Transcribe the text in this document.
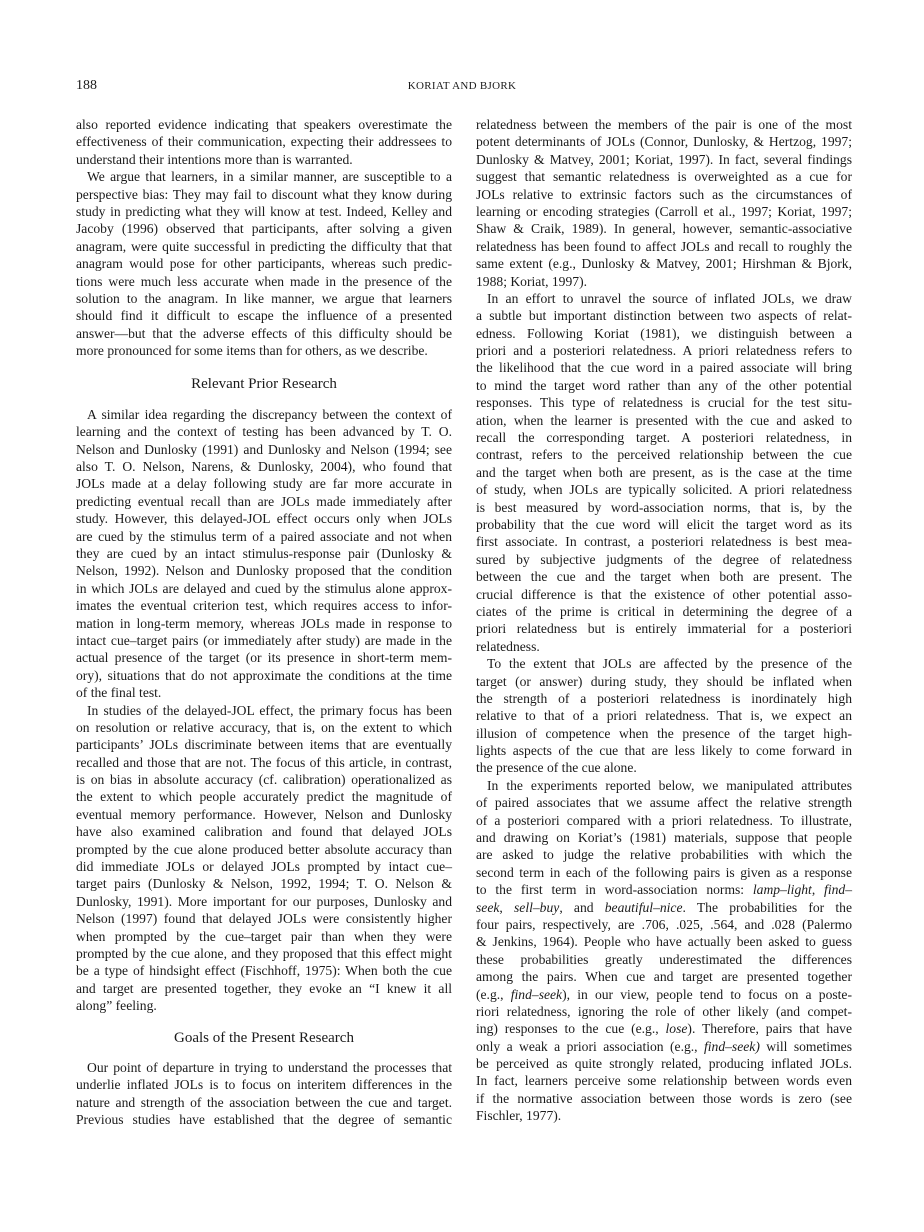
188	KORIAT AND BJORK
also reported evidence indicating that speakers overestimate the
effectiveness of their communication, expecting their addressees to
understand their intentions more than is warranted.
We argue that learners, in a similar manner, are susceptible to a
perspective bias: They may fail to discount what they know during
study in predicting what they will know at test. Indeed, Kelley and
Jacoby (1996) observed that participants, after solving a given
anagram, were quite successful in predicting the difficulty that that
anagram would pose for other participants, whereas such predic-
tions were much less accurate when made in the presence of the
solution to the anagram. In like manner, we argue that learners
should find it difficult to escape the influence of a presented
answer—but that the adverse effects of this difficulty should be
more pronounced for some items than for others, as we describe.
Relevant Prior Research
A similar idea regarding the discrepancy between the context of
learning and the context of testing has been advanced by T. O.
Nelson and Dunlosky (1991) and Dunlosky and Nelson (1994; see
also T. O. Nelson, Narens, & Dunlosky, 2004), who found that
JOLs made at a delay following study are far more accurate in
predicting eventual recall than are JOLs made immediately after
study. However, this delayed-JOL effect occurs only when JOLs
are cued by the stimulus term of a paired associate and not when
they are cued by an intact stimulus-response pair (Dunlosky &
Nelson, 1992). Nelson and Dunlosky proposed that the condition
in which JOLs are delayed and cued by the stimulus alone approx-
imates the eventual criterion test, which requires access to infor-
mation in long-term memory, whereas JOLs made in response to
intact cue–target pairs (or immediately after study) are made in the
actual presence of the target (or its presence in short-term mem-
ory), situations that do not approximate the conditions at the time
of the final test.
In studies of the delayed-JOL effect, the primary focus has been
on resolution or relative accuracy, that is, on the extent to which
participants’ JOLs discriminate between items that are eventually
recalled and those that are not. The focus of this article, in contrast,
is on bias in absolute accuracy (cf. calibration) operationalized as
the extent to which people accurately predict the magnitude of
eventual memory performance. However, Nelson and Dunlosky
have also examined calibration and found that delayed JOLs
prompted by the cue alone produced better absolute accuracy than
did immediate JOLs or delayed JOLs prompted by intact cue–
target pairs (Dunlosky & Nelson, 1992, 1994; T. O. Nelson &
Dunlosky, 1991). More important for our purposes, Dunlosky and
Nelson (1997) found that delayed JOLs were consistently higher
when prompted by the cue–target pair than when they were
prompted by the cue alone, and they proposed that this effect might
be a type of hindsight effect (Fischhoff, 1975): When both the cue
and target are presented together, they evoke an “I knew it all
along” feeling.
Goals of the Present Research
Our point of departure in trying to understand the processes that
underlie inflated JOLs is to focus on interitem differences in the
nature and strength of the association between the cue and target.
Previous studies have established that the degree of semantic
relatedness between the members of the pair is one of the most
potent determinants of JOLs (Connor, Dunlosky, & Hertzog, 1997;
Dunlosky & Matvey, 2001; Koriat, 1997). In fact, several findings
suggest that semantic relatedness is overweighted as a cue for
JOLs relative to extrinsic factors such as the circumstances of
learning or encoding strategies (Carroll et al., 1997; Koriat, 1997;
Shaw & Craik, 1989). In general, however, semantic-associative
relatedness has been found to affect JOLs and recall to roughly the
same extent (e.g., Dunlosky & Matvey, 2001; Hirshman & Bjork,
1988; Koriat, 1997).
In an effort to unravel the source of inflated JOLs, we draw
a subtle but important distinction between two aspects of relat-
edness. Following Koriat (1981), we distinguish between a
priori and a posteriori relatedness. A priori relatedness refers to
the likelihood that the cue word in a paired associate will bring
to mind the target word rather than any of the other potential
responses. This type of relatedness is crucial for the test situ-
ation, when the learner is presented with the cue and asked to
recall the corresponding target. A posteriori relatedness, in
contrast, refers to the perceived relationship between the cue
and the target when both are present, as is the case at the time
of study, when JOLs are typically solicited. A priori relatedness
is best measured by word-association norms, that is, by the
probability that the cue word will elicit the target word as its
first associate. In contrast, a posteriori relatedness is best mea-
sured by subjective judgments of the degree of relatedness
between the cue and the target when both are present. The
crucial difference is that the existence of other potential asso-
ciates of the prime is critical in determining the degree of a
priori relatedness but is entirely immaterial for a posteriori
relatedness.
To the extent that JOLs are affected by the presence of the
target (or answer) during study, they should be inflated when
the strength of a posteriori relatedness is inordinately high
relative to that of a priori relatedness. That is, we expect an
illusion of competence when the presence of the target high-
lights aspects of the cue that are less likely to come forward in
the presence of the cue alone.
In the experiments reported below, we manipulated attributes
of paired associates that we assume affect the relative strength
of a posteriori compared with a priori relatedness. To illustrate,
and drawing on Koriat’s (1981) materials, suppose that people
are asked to judge the relative probabilities with which the
second term in each of the following pairs is given as a response
to the first term in word-association norms: lamp–light, find–
seek, sell–buy, and beautiful–nice. The probabilities for the
four pairs, respectively, are .706, .025, .564, and .028 (Palermo
& Jenkins, 1964). People who have actually been asked to guess
these probabilities greatly underestimated the differences
among the pairs. When cue and target are presented together
(e.g., find–seek), in our view, people tend to focus on a poste-
riori relatedness, ignoring the role of other likely (and compet-
ing) responses to the cue (e.g., lose). Therefore, pairs that have
only a weak a priori association (e.g., find–seek) will sometimes
be perceived as quite strongly related, producing inflated JOLs.
In fact, learners perceive some relationship between words even
if the normative association between those words is zero (see
Fischler, 1977).
